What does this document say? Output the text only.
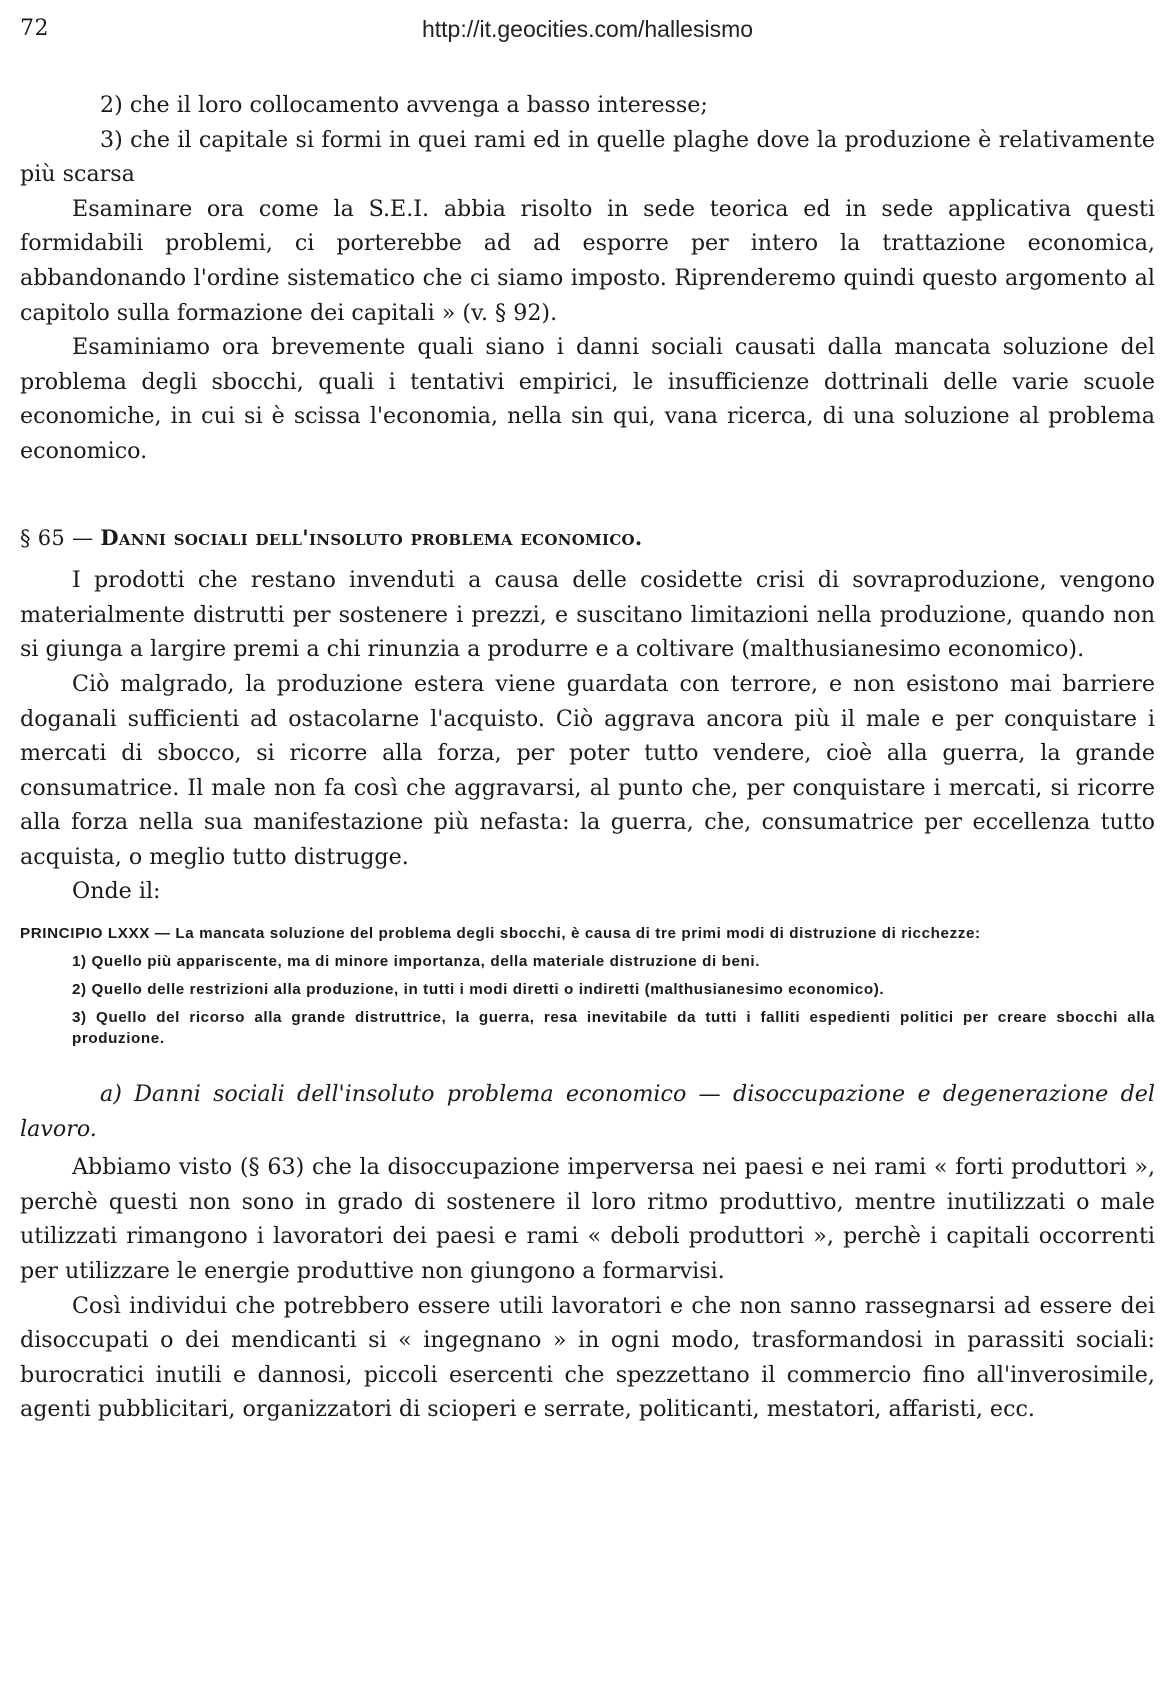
72	http://it.geocities.com/hallesismo

2) che il loro collocamento avvenga a basso interesse;

3) che il capitale si formi in quei rami ed in quelle plaghe dove la produzione è relativamente più scarsa

Esaminare ora come la S.E.I. abbia risolto in sede teorica ed in sede applicativa questi formidabili problemi, ci porterebbe ad ad esporre per intero la trattazione economica, abbandonando l'ordine sistematico che ci siamo imposto. Riprenderemo quindi questo argomento al capitolo sulla formazione dei capitali » (v. § 92).

Esaminiamo ora brevemente quali siano i danni sociali causati dalla mancata soluzione del problema degli sbocchi, quali i tentativi empirici, le insufficienze dottrinali delle varie scuole economiche, in cui si è scissa l'economia, nella sin qui, vana ricerca, di una soluzione al problema economico.

§ 65 — Danni sociali dell'insoluto problema economico.

I prodotti che restano invenduti a causa delle cosidette crisi di sovraproduzione, vengono materialmente distrutti per sostenere i prezzi, e suscitano limitazioni nella produzione, quando non si giunga a largire premi a chi rinunzia a produrre e a coltivare (malthusianesimo economico).

Ciò malgrado, la produzione estera viene guardata con terrore, e non esistono mai barriere doganali sufficienti ad ostacolarne l'acquisto. Ciò aggrava ancora più il male e per conquistare i mercati di sbocco, si ricorre alla forza, per poter tutto vendere, cioè alla guerra, la grande consumatrice. Il male non fa così che aggravarsi, al punto che, per conquistare i mercati, si ricorre alla forza nella sua manifestazione più nefasta: la guerra, che, consumatrice per eccellenza tutto acquista, o meglio tutto distrugge.

Onde il:

PRINCIPIO LXXX — La mancata soluzione del problema degli sbocchi, è causa di tre primi modi di distruzione di ricchezze:

1) Quello più appariscente, ma di minore importanza, della materiale distruzione di beni.

2) Quello delle restrizioni alla produzione, in tutti i modi diretti o indiretti (malthusianesimo economico).

3) Quello del ricorso alla grande distruttrice, la guerra, resa inevitabile da tutti i falliti espedienti politici per creare sbocchi alla produzione.

a) Danni sociali dell'insoluto problema economico — disoccupazione e degenerazione del lavoro.

Abbiamo visto (§ 63) che la disoccupazione imperversa nei paesi e nei rami « forti produttori », perchè questi non sono in grado di sostenere il loro ritmo produttivo, mentre inutilizzati o male utilizzati rimangono i lavoratori dei paesi e rami « deboli produttori », perchè i capitali occorrenti per utilizzare le energie produttive non giungono a formarvisi.

Così individui che potrebbero essere utili lavoratori e che non sanno rassegnarsi ad essere dei disoccupati o dei mendicanti si « ingegnano » in ogni modo, trasformandosi in parassiti sociali: burocratici inutili e dannosi, piccoli esercenti che spezzettano il commercio fino all'inverosimile, agenti pubblicitari, organizzatori di scioperi e serrate, politicanti, mestatori, affaristi, ecc.
